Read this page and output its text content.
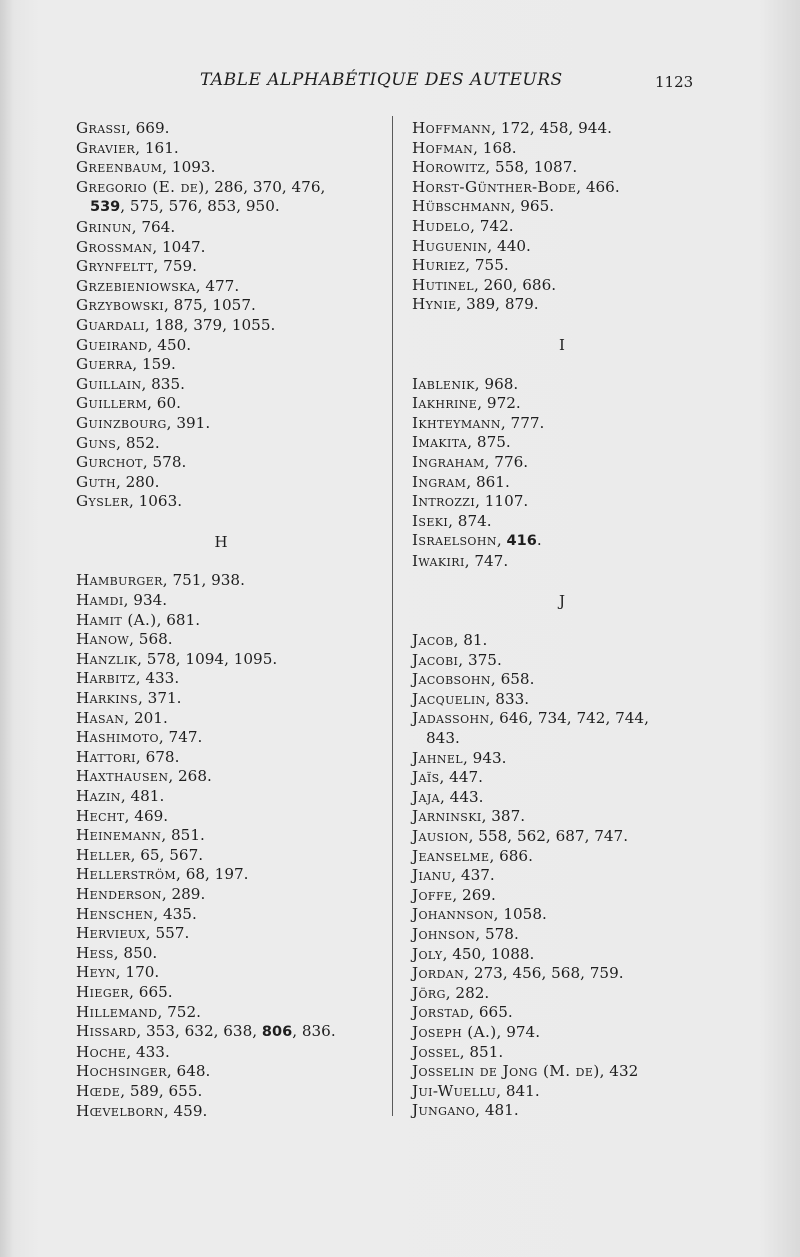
TABLE ALPHABÉTIQUE DES AUTEURS	1123
Grassi, 669.
Gravier, 161.
Greenbaum, 1093.
Gregorio (E. de), 286, 370, 476,
539, 575, 576, 853, 950.
Grinun, 764.
Grossman, 1047.
Grynfeltt, 759.
Grzebieniowska, 477.
Grzybowski, 875, 1057.
Guardali, 188, 379, 1055.
Gueirand, 450.
Guerra, 159.
Guillain, 835.
Guillerm, 60.
Guinzbourg, 391.
Guns, 852.
Gurchot, 578.
Guth, 280.
Gysler, 1063.
H
Hamburger, 751, 938.
Hamdi, 934.
Hamit (A.), 681.
Hanow, 568.
Hanzlik, 578, 1094, 1095.
Harbitz, 433.
Harkins, 371.
Hasan, 201.
Hashimoto, 747.
Hattori, 678.
Haxthausen, 268.
Hazin, 481.
Hecht, 469.
Heinemann, 851.
Heller, 65, 567.
Hellerström, 68, 197.
Henderson, 289.
Henschen, 435.
Hervieux, 557.
Hess, 850.
Heyn, 170.
Hieger, 665.
Hillemand, 752.
Hissard, 353, 632, 638, 806, 836.
Hoche, 433.
Hochsinger, 648.
Hœde, 589, 655.
Hœvelborn, 459.
Hoffmann, 172, 458, 944.
Hofman, 168.
Horowitz, 558, 1087.
Horst-Günther-Bode, 466.
Hübschmann, 965.
Hudelo, 742.
Huguenin, 440.
Huriez, 755.
Hutinel, 260, 686.
Hynie, 389, 879.
I
Iablenik, 968.
Iakhrine, 972.
Ikhteymann, 777.
Imakita, 875.
Ingraham, 776.
Ingram, 861.
Introzzi, 1107.
Iseki, 874.
Israelsohn, 416.
Iwakiri, 747.
J
Jacob, 81.
Jacobi, 375.
Jacobsohn, 658.
Jacquelin, 833.
Jadassohn, 646, 734, 742, 744,
843.
Jahnel, 943.
Jaïs, 447.
Jaja, 443.
Jarninski, 387.
Jausion, 558, 562, 687, 747.
Jeanselme, 686.
Jianu, 437.
Joffe, 269.
Johannson, 1058.
Johnson, 578.
Joly, 450, 1088.
Jordan, 273, 456, 568, 759.
Jörg, 282.
Jorstad, 665.
Joseph (A.), 974.
Jossel, 851.
Josselin de Jong (M. de), 432
Jui-Wuellu, 841.
Jungano, 481.
